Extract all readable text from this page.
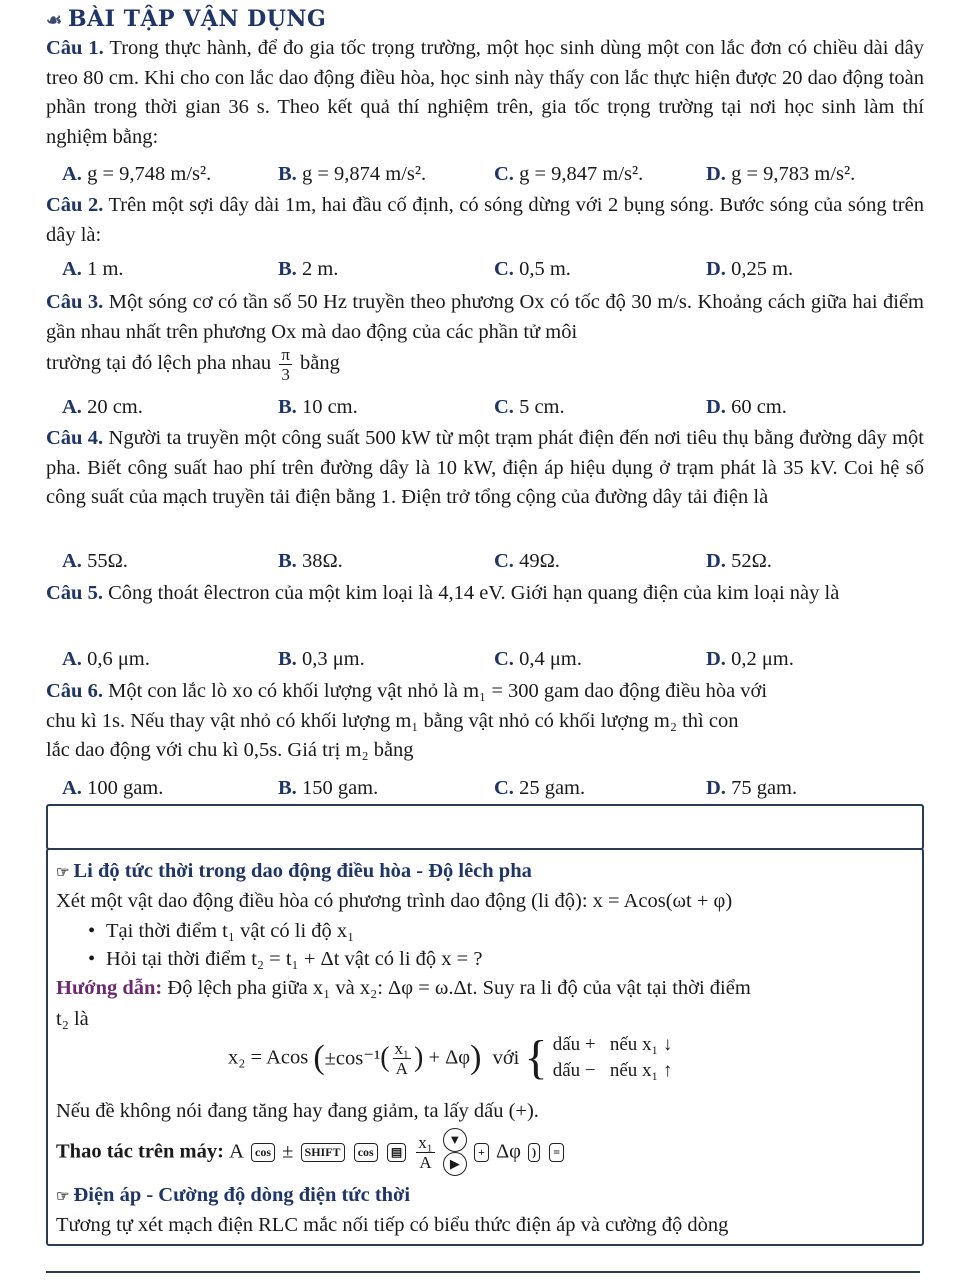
☙ BÀI TẬP VẬN DỤNG
Câu 1. Trong thực hành, để đo gia tốc trọng trường, một học sinh dùng một con lắc đơn có chiều dài dây treo 80 cm. Khi cho con lắc dao động điều hòa, học sinh này thấy con lắc thực hiện được 20 dao động toàn phần trong thời gian 36 s. Theo kết quả thí nghiệm trên, gia tốc trọng trường tại nơi học sinh làm thí nghiệm bằng:
A. g = 9,748 m/s².	B. g = 9,874 m/s².	C. g = 9,847 m/s².	D. g = 9,783 m/s².
Câu 2. Trên một sợi dây dài 1m, hai đầu cố định, có sóng dừng với 2 bụng sóng. Bước sóng của sóng trên dây là:
A. 1 m.	B. 2 m.	C. 0,5 m.	D. 0,25 m.
Câu 3. Một sóng cơ có tần số 50 Hz truyền theo phương Ox có tốc độ 30 m/s. Khoảng cách giữa hai điểm gần nhau nhất trên phương Ox mà dao động của các phần tử môi
trường tại đó lệch pha nhau $\frac{\pi}{3}$ bằng
A. 20 cm.	B. 10 cm.	C. 5 cm.	D. 60 cm.
Câu 4. Người ta truyền một công suất 500 kW từ một trạm phát điện đến nơi tiêu thụ bằng đường dây một pha. Biết công suất hao phí trên đường dây là 10 kW, điện áp hiệu dụng ở trạm phát là 35 kV. Coi hệ số công suất của mạch truyền tải điện bằng 1. Điện trở tổng cộng của đường dây tải điện là
A. 55Ω.	B. 38Ω.	C. 49Ω.	D. 52Ω.
Câu 5. Công thoát êlectron của một kim loại là 4,14 eV. Giới hạn quang điện của kim loại này là
A. 0,6 μm.	B. 0,3 μm.	C. 0,4 μm.	D. 0,2 μm.
Câu 6. Một con lắc lò xo có khối lượng vật nhỏ là m₁ = 300 gam dao động điều hòa với
chu kì 1s. Nếu thay vật nhỏ có khối lượng m₁ bằng vật nhỏ có khối lượng m₂ thì con
lắc dao động với chu kì 0,5s. Giá trị m₂ bằng
A. 100 gam.	B. 150 gam.	C. 25 gam.	D. 75 gam.
☞ Li độ tức thời trong dao động điều hòa - Độ lêch pha
Xét một vật dao động điều hòa có phương trình dao động (li độ): x = Acos(ωt + φ)
• Tại thời điểm t₁ vật có li độ x₁
• Hỏi tại thời điểm t₂ = t₁ + Δt vật có li độ x = ?
Hướng dẫn: Độ lệch pha giữa x₁ và x₂: Δφ = ω.Δt. Suy ra li độ của vật tại thời điểm
t₂ là
x₂ = Acos ($\pm\cos^{-1}( \frac{\text{x₁}}{A}$ ) + Δφ) với { dấu + nếu x₁ ↓
dấu − nếu x₁ ↑
Nếu đề không nói đang tăng hay đang giảm, ta lấy dấu (+).
Thao tác trên máy: A cos ± SHIFT cos ▤ $\frac{\text{x₁}}{A}$
	▼
▶
+ Δφ ) =
☞ Điện áp - Cường độ dòng điện tức thời
Tương tự xét mạch điện RLC mắc nối tiếp có biểu thức điện áp và cường độ dòng
